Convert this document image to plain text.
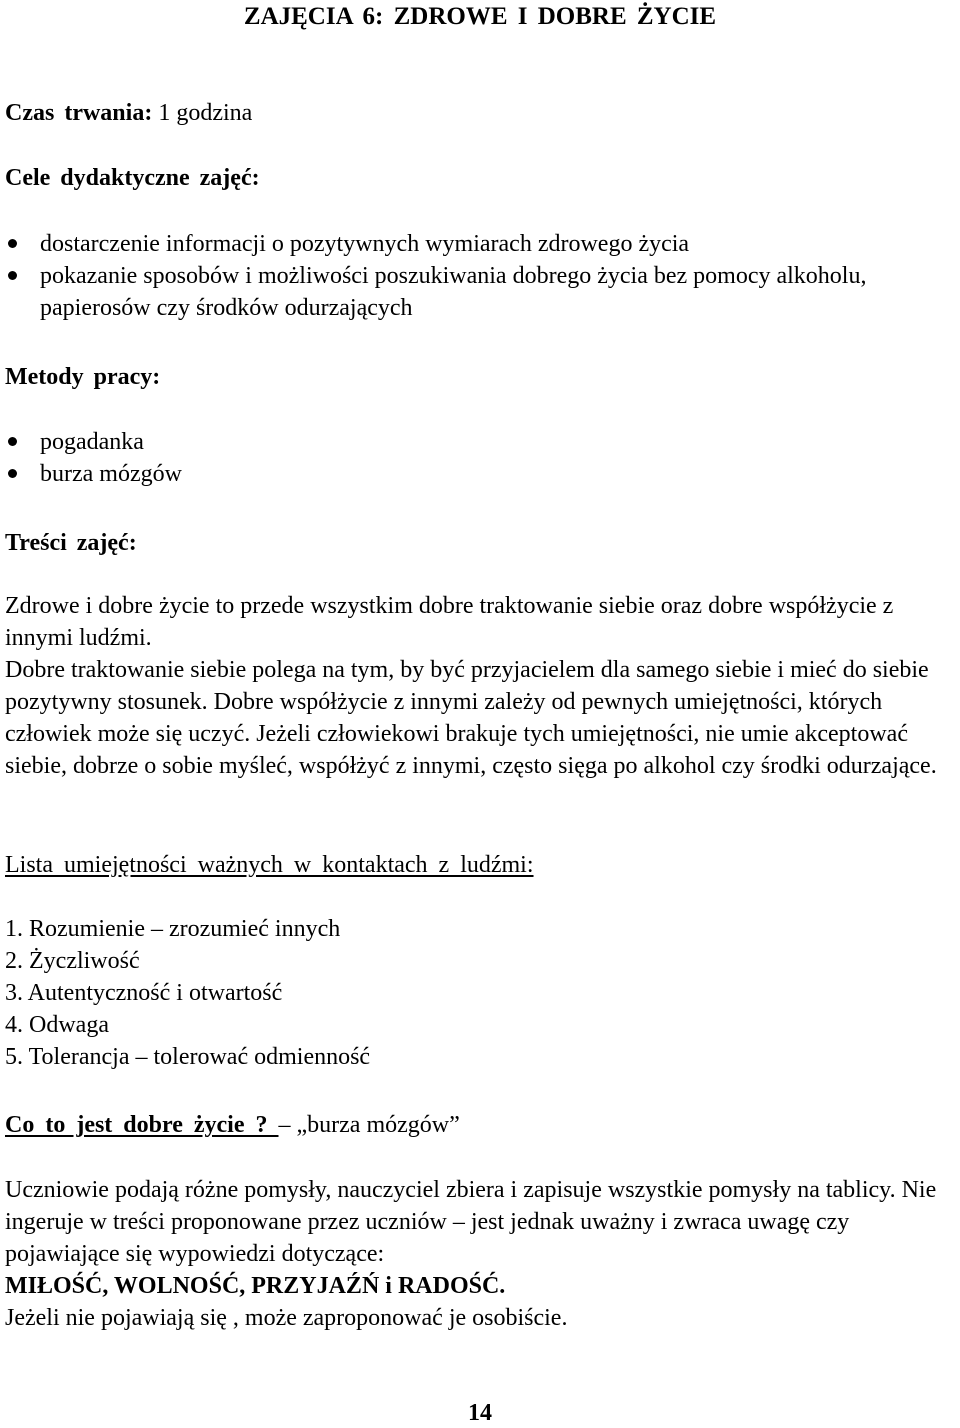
ZAJĘCIA 6: ZDROWE I DOBRE ŻYCIE

Czas trwania: 1 godzina

Cele dydaktyczne zajęć:

dostarczenie informacji o pozytywnych wymiarach zdrowego życia
pokazanie sposobów i możliwości poszukiwania dobrego życia bez pomocy alkoholu, papierosów czy środków odurzających

Metody pracy:

pogadanka
burza mózgów

Treści zajęć:

Zdrowe i dobre życie to przede wszystkim dobre traktowanie siebie oraz dobre współżycie z innymi ludźmi.

Dobre traktowanie siebie polega na tym, by być przyjacielem dla samego siebie i mieć do siebie pozytywny stosunek. Dobre współżycie z innymi zależy od pewnych umiejętności, których człowiek może się uczyć. Jeżeli człowiekowi brakuje tych umiejętności, nie umie akceptować siebie, dobrze o sobie myśleć, współżyć z innymi, często sięga po alkohol czy środki odurzające.

Lista umiejętności ważnych w kontaktach z ludźmi:

1. Rozumienie – zrozumieć innych
2. Życzliwość
3. Autentyczność i otwartość
4. Odwaga
5. Tolerancja – tolerować odmienność

Co to jest dobre życie ? – „burza mózgów”

Uczniowie podają różne pomysły, nauczyciel zbiera i zapisuje wszystkie pomysły na tablicy. Nie ingeruje w treści proponowane przez uczniów – jest jednak uważny i zwraca uwagę czy pojawiające się wypowiedzi dotyczące:

MIŁOŚĆ, WOLNOŚĆ, PRZYJAŹŃ i RADOŚĆ.

Jeżeli nie pojawiają się , może zaproponować je osobiście.

14
